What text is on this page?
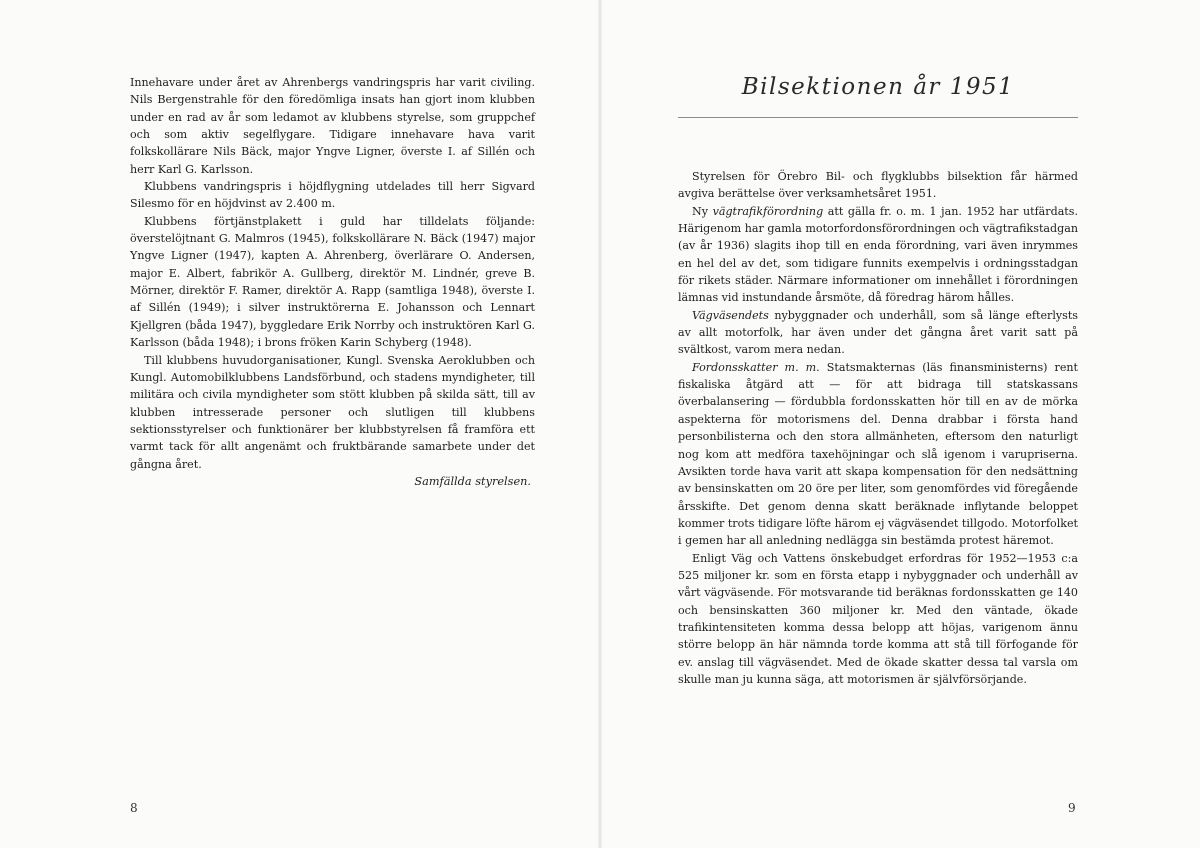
Innehavare under året av Ahrenbergs vandringspris har varit civiling. Nils Bergenstrahle för den föredömliga insats han gjort inom klubben under en rad av år som ledamot av klubbens styrelse, som gruppchef och som aktiv segelflygare. Tidigare innehavare hava varit folkskollärare Nils Bäck, major Yngve Ligner, överste I. af Sillén och herr Karl G. Karlsson.

Klubbens vandringspris i höjdflygning utdelades till herr Sigvard Silesmo för en höjdvinst av 2.400 m.

Klubbens förtjänstplakett i guld har tilldelats följande: överstelöjtnant G. Malmros (1945), folkskollärare N. Bäck (1947) major Yngve Ligner (1947), kapten A. Ahrenberg, överlärare O. Andersen, major E. Albert, fabrikör A. Gullberg, direktör M. Lindnér, greve B. Mörner, direktör F. Ramer, direktör A. Rapp (samtliga 1948), överste I. af Sillén (1949); i silver instruktörerna E. Johansson och Lennart Kjellgren (båda 1947), byggledare Erik Norrby och instruktören Karl G. Karlsson (båda 1948); i brons fröken Karin Schyberg (1948).

Till klubbens huvudorganisationer, Kungl. Svenska Aeroklubben och Kungl. Automobilklubbens Landsförbund, och stadens myndigheter, till militära och civila myndigheter som stött klubben på skilda sätt, till av klubben intresserade personer och slutligen till klubbens sektionsstyrelser och funktionärer ber klubbstyrelsen få framföra ett varmt tack för allt angenämt och fruktbärande samarbete under det gångna året.

Samfällda styrelsen.

8
Bilsektionen år 1951

Styrelsen för Örebro Bil- och flygklubbs bilsektion får härmed avgiva berättelse över verksamhetsåret 1951.

Ny vägtrafikförordning att gälla fr. o. m. 1 jan. 1952 har utfärdats. Härigenom har gamla motorfordonsförordningen och vägtrafikstadgan (av år 1936) slagits ihop till en enda förordning, vari även inrymmes en hel del av det, som tidigare funnits exempelvis i ordningsstadgan för rikets städer. Närmare informationer om innehållet i förordningen lämnas vid instundande årsmöte, då föredrag härom hålles.

Vägväsendets nybyggnader och underhåll, som så länge efterlysts av allt motorfolk, har även under det gångna året varit satt på svältkost, varom mera nedan.

Fordonsskatter m. m. Statsmakternas (läs finansministerns) rent fiskaliska åtgärd att — för att bidraga till statskassans överbalansering — fördubbla fordonsskatten hör till en av de mörka aspekterna för motorismens del. Denna drabbar i första hand personbilisterna och den stora allmänheten, eftersom den naturligt nog kom att medföra taxehöjningar och slå igenom i varupriserna. Avsikten torde hava varit att skapa kompensation för den nedsättning av bensinskatten om 20 öre per liter, som genomfördes vid föregående årsskifte. Det genom denna skatt beräknade inflytande beloppet kommer trots tidigare löfte härom ej vägväsendet tillgodo. Motorfolket i gemen har all anledning nedlägga sin bestämda protest häremot.

Enligt Väg och Vattens önskebudget erfordras för 1952—1953 c:a 525 miljoner kr. som en första etapp i nybyggnader och underhåll av vårt vägväsende. För motsvarande tid beräknas fordonsskatten ge 140 och bensinskatten 360 miljoner kr. Med den väntade, ökade trafikintensiteten komma dessa belopp att höjas, varigenom ännu större belopp än här nämnda torde komma att stå till förfogande för ev. anslag till vägväsendet. Med de ökade skatter dessa tal varsla om skulle man ju kunna säga, att motorismen är självförsörjande.

9
